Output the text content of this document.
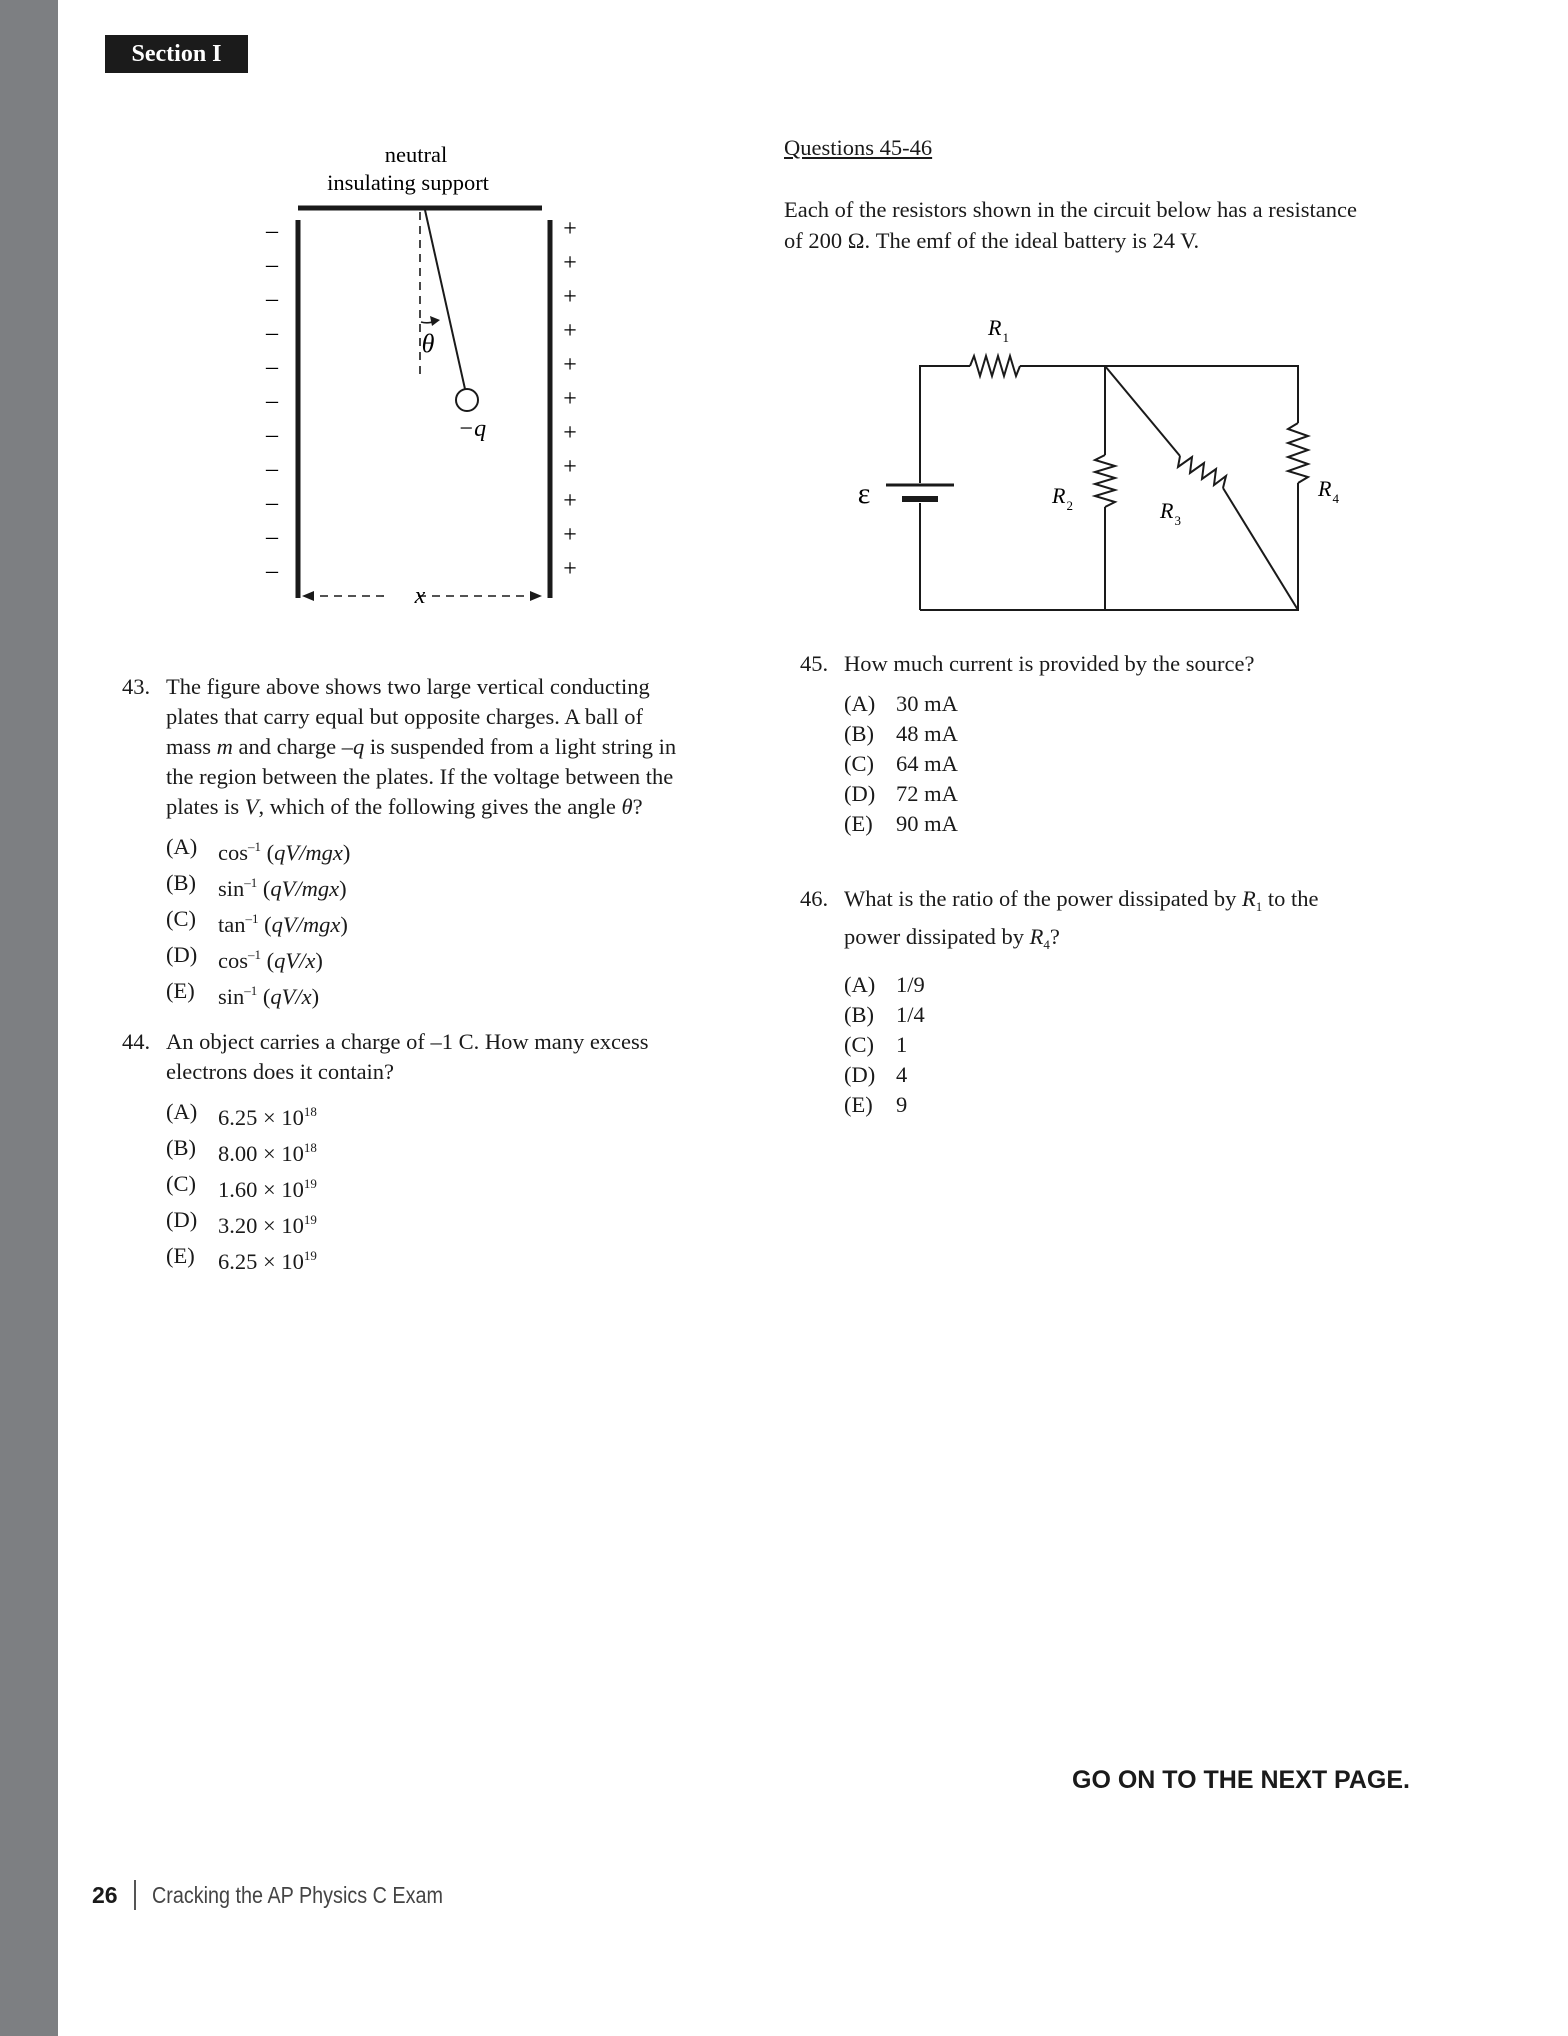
Section I
neutral
insulating support
–
–
–
–
–
–
–
–
–
–
–
+
+
+
+
+
+
+
+
+
+
+
θ
−q
x
43. The figure above shows two large vertical conducting
plates that carry equal but opposite charges. A ball of
mass m and charge –q is suspended from a light string in
the region between the plates. If the voltage between the
plates is V, which of the following gives the angle θ?
(A) $\cos^{-1} (qV/mgx)$
(B) $\sin^{-1} (qV/mgx)$
(C) $\tan^{-1} (qV/mgx)$
(D) $\cos^{-1} (qV/x)$
(E)	$\sin^{-1} (qV/x)$
44. An object carries a charge of –1 C. How many excess
electrons does it contain?
(A) $6.25 \times 10^{18}$
(B) $8.00 \times 10^{18}$
(C) $1.60 \times 10^{19}$
(D) $3.20 \times 10^{19}$
(E)	$6.25 \times 10^{19}$
Questions 45-46
Each of the resistors shown in the circuit below has a resistance
of 200 Ω. The emf of the ideal battery is 24 V.
ε
$R_1$
$R_2$	$R_3$
$R_4$
45. How much current is provided by the source?
(A) 30 mA
(B) 48 mA
(C) 64 mA
(D) 72 mA
(E)	90 mA
46. What is the ratio of the power dissipated by $R_1$ to the
power dissipated by $R_4$?
(A) 1/9
(B) 1/4
(C) 1
(D) 4
(E)	9
GO ON TO THE NEXT PAGE.
26 Cracking the AP Physics C Exam
